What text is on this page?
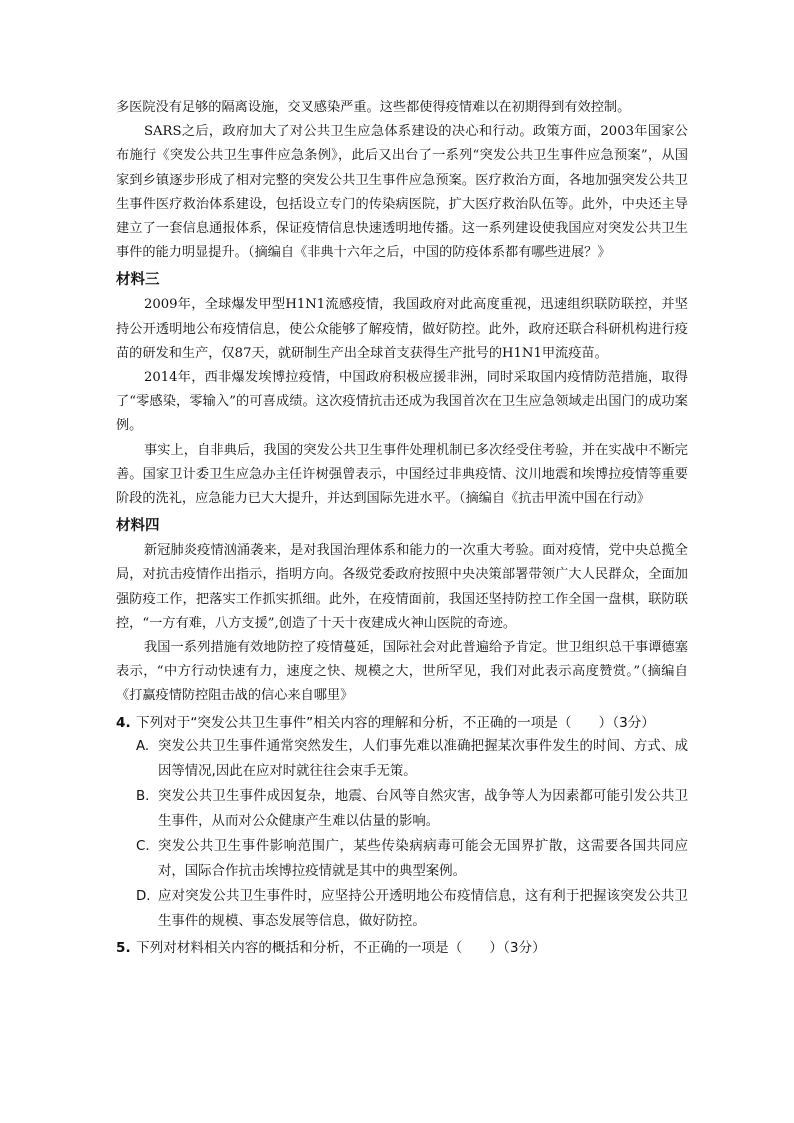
多医院没有足够的隔离设施，交叉感染严重。这些都使得疫情难以在初期得到有效控制。

SARS之后，政府加大了对公共卫生应急体系建设的决心和行动。政策方面，2003年国家公布施行《突发公共卫生事件应急条例》，此后又出台了一系列“突发公共卫生事件应急预案”，从国家到乡镇逐步形成了相对完整的突发公共卫生事件应急预案。医疗救治方面，各地加强突发公共卫生事件医疗救治体系建设，包括设立专门的传染病医院，扩大医疗救治队伍等。此外，中央还主导建立了一套信息通报体系，保证疫情信息快速透明地传播。这一系列建设使我国应对突发公共卫生事件的能力明显提升。（摘编自《非典十六年之后，中国的防疫体系都有哪些进展？》

材料三

2009年，全球爆发甲型H1N1流感疫情，我国政府对此高度重视，迅速组织联防联控，并坚持公开透明地公布疫情信息，使公众能够了解疫情，做好防控。此外，政府还联合科研机构进行疫苗的研发和生产，仅87天，就研制生产出全球首支获得生产批号的H1N1甲流疫苗。

2014年，西非爆发埃博拉疫情，中国政府积极应援非洲，同时采取国内疫情防范措施，取得了“零感染，零输入”的可喜成绩。这次疫情抗击还成为我国首次在卫生应急领域走出国门的成功案例。

事实上，自非典后，我国的突发公共卫生事件处理机制已多次经受住考验，并在实战中不断完善。国家卫计委卫生应急办主任许树强曾表示，中国经过非典疫情、汶川地震和埃博拉疫情等重要阶段的洗礼，应急能力已大大提升，并达到国际先进水平。（摘编自《抗击甲流中国在行动》

材料四

新冠肺炎疫情汹涌袭来，是对我国治理体系和能力的一次重大考验。面对疫情，党中央总揽全局，对抗击疫情作出指示，指明方向。各级党委政府按照中央决策部署带领广大人民群众，全面加强防疫工作，把落实工作抓实抓细。此外，在疫情面前，我国还坚持防控工作全国一盘棋，联防联控，“一方有难，八方支援”,创造了十天十夜建成火神山医院的奇迹。

我国一系列措施有效地防控了疫情蔓延，国际社会对此普遍给予肯定。世卫组织总干事谭德塞表示，“中方行动快速有力，速度之快、规模之大，世所罕见，我们对此表示高度赞赏。”（摘编自《打赢疫情防控阻击战的信心来自哪里》

4. 下列对于“突发公共卫生事件”相关内容的理解和分析，不正确的一项是（　　）（3分）
A. 突发公共卫生事件通常突然发生，人们事先难以准确把握某次事件发生的时间、方式、成因等情况,因此在应对时就往往会束手无策。
B. 突发公共卫生事件成因复杂，地震、台风等自然灾害，战争等人为因素都可能引发公共卫生事件，从而对公众健康产生难以估量的影响。
C. 突发公共卫生事件影响范围广，某些传染病病毒可能会无国界扩散，这需要各国共同应对，国际合作抗击埃博拉疫情就是其中的典型案例。
D. 应对突发公共卫生事件时，应坚持公开透明地公布疫情信息，这有利于把握该突发公共卫生事件的规模、事态发展等信息，做好防控。
5. 下列对材料相关内容的概括和分析，不正确的一项是（　　）（3分）
